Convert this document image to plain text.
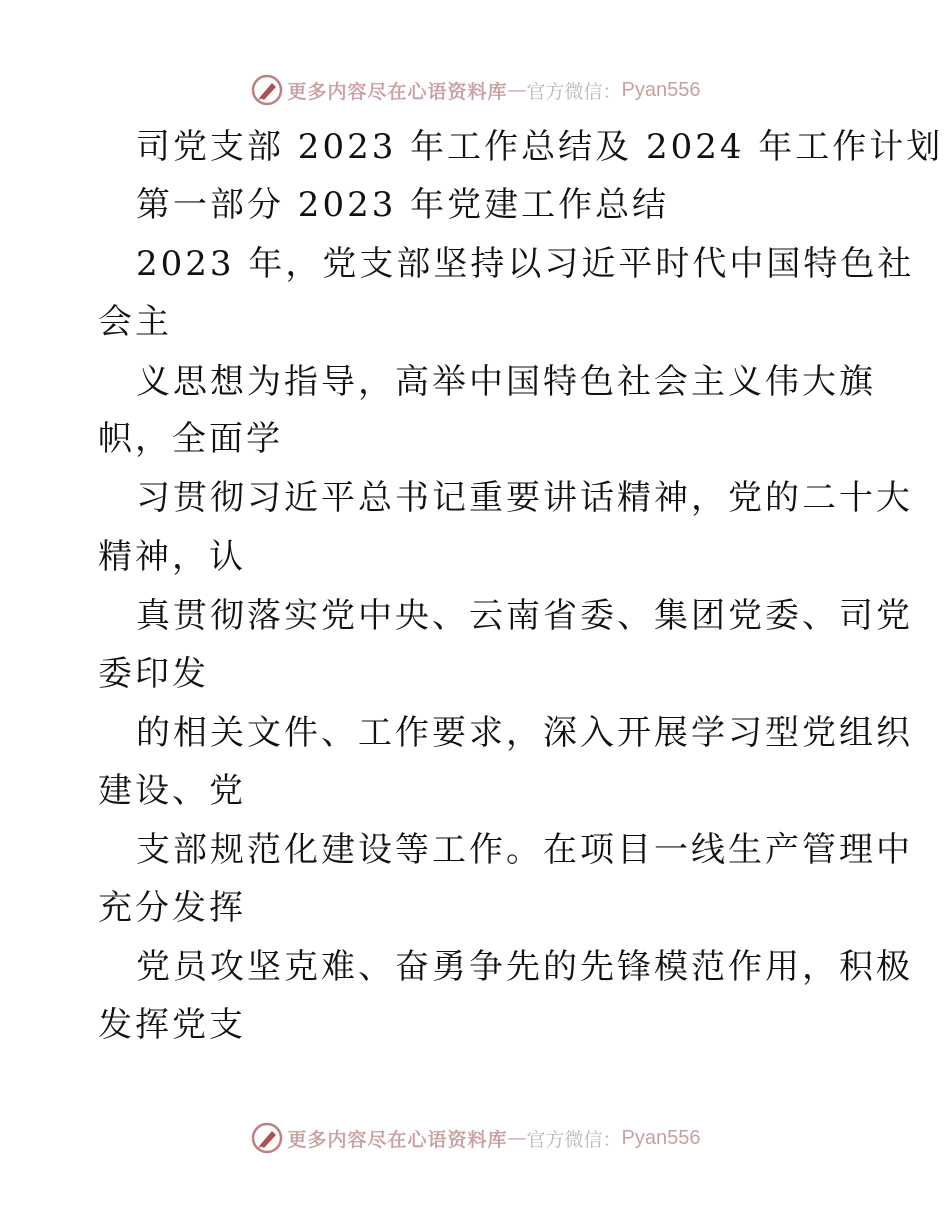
更多内容尽在心语资料库 — 官方微信： Pyan556
司党支部 2023 年工作总结及 2024 年工作计划
第一部分 2023 年党建工作总结
2023 年，党支部坚持以习近平时代中国特色社
会主
义思想为指导，高举中国特色社会主义伟大旗
帜，全面学
习贯彻习近平总书记重要讲话精神，党的二十大
精神，认
真贯彻落实党中央、云南省委、集团党委、司党
委印发
的相关文件、工作要求，深入开展学习型党组织
建设、党
支部规范化建设等工作。在项目一线生产管理中
充分发挥
党员攻坚克难、奋勇争先的先锋模范作用，积极
发挥党支
更多内容尽在心语资料库 — 官方微信： Pyan556
